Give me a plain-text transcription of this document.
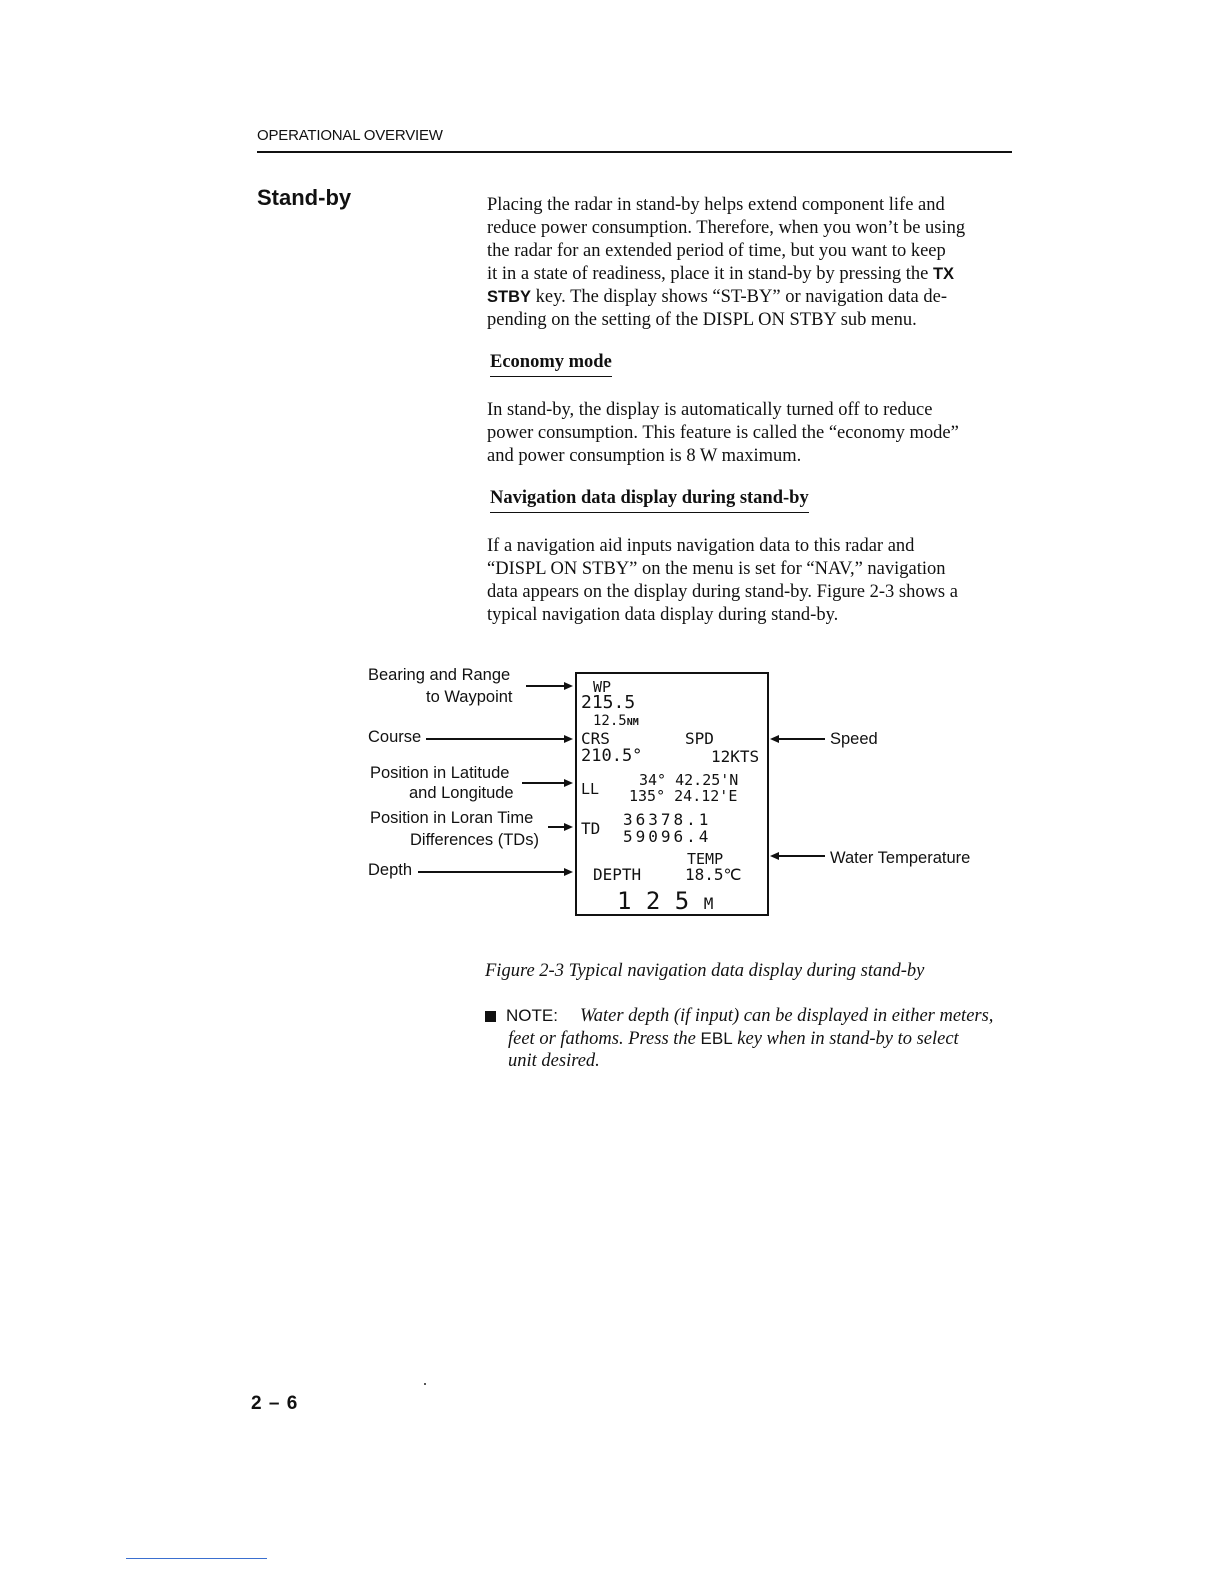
OPERATIONAL OVERVIEW
Stand-by	Placing the radar in stand-by helps extend component life and
reduce power consumption. Therefore, when you won’t be using
the radar for an extended period of time, but you want to keep
it in a state of readiness, place it in stand-by by pressing the TX
STBY key. The display shows “ST-BY” or navigation data de-
pending on the setting of the DISPL ON STBY sub menu.
Economy mode
In stand-by, the display is automatically turned off to reduce
power consumption. This feature is called the “economy mode”
and power consumption is 8 W maximum.
Navigation data display during stand-by
If a navigation aid inputs navigation data to this radar and
“DISPL ON STBY” on the menu is set for “NAV,” navigation
data appears on the display during stand-by. Figure 2-3 shows a
typical navigation data display during stand-by.
Bearing and Range
to Waypoint
Course
Position in Latitude
and Longitude
Position in Loran Time
Differences (TDs)
Depth
Speed
Water Temperature
WP
215.5
12.5NM
CRS	SPD
210.5°	12KTS
LL	34° 42.25'N
135° 24.12'E
TD 36378.1
59096.4
TEMP
DEPTH	18.5℃
1 2 5 M
Figure 2-3 Typical navigation data display during stand-by
NOTE: Water depth (if input) can be displayed in either meters,
feet or fathoms. Press the EBL key when in stand-by to select
unit desired.
2 – 6
